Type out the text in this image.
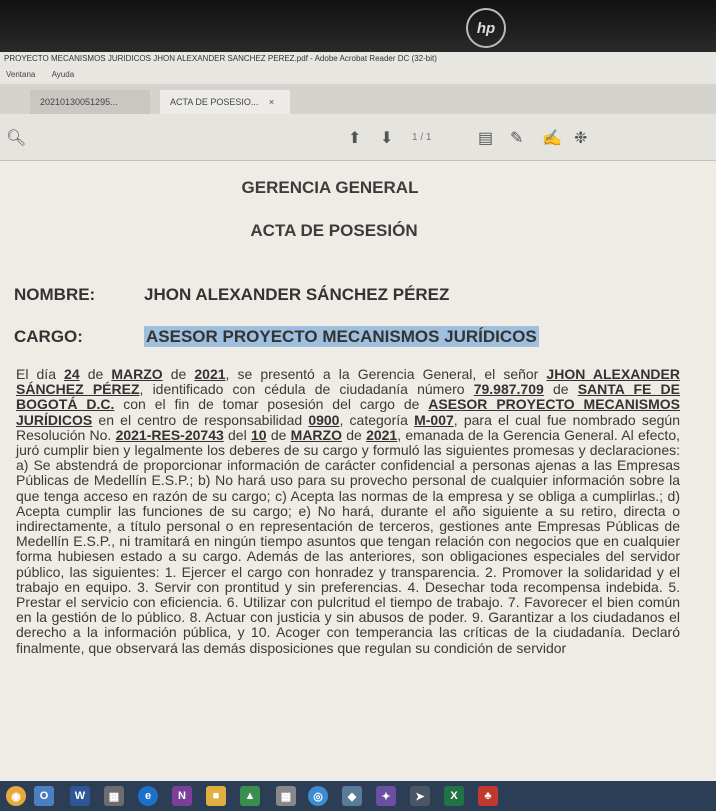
hp
PROYECTO MECANISMOS JURIDICOS JHON ALEXANDER SANCHEZ PEREZ.pdf - Adobe Acrobat Reader DC (32-bit)
Ventana Ayuda
20210130051295...	ACTA DE POSESIO... ×
🔍︎	⬆ ⬇ 1 / 1	▤ ✎ ✍ ❉
GERENCIA GENERAL
ACTA DE POSESIÓN
NOMBRE:	JHON ALEXANDER SÁNCHEZ PÉREZ
CARGO:	ASESOR PROYECTO MECANISMOS JURÍDICOS
El día 24 de MARZO de 2021, se presentó a la Gerencia General, el señor JHON ALEXANDER SÁNCHEZ PÉREZ, identificado con cédula de ciudadanía número 79.987.709 de SANTA FE DE BOGOTÁ D.C. con el fin de tomar posesión del cargo de ASESOR PROYECTO MECANISMOS JURÍDICOS en el centro de responsabilidad 0900, categoría M-007, para el cual fue nombrado según Resolución No. 2021-RES-20743 del 10 de MARZO de 2021, emanada de la Gerencia General. Al efecto, juró cumplir bien y legalmente los deberes de su cargo y formuló las siguientes promesas y declaraciones: a) Se abstendrá de proporcionar información de carácter confidencial a personas ajenas a las Empresas Públicas de Medellín E.S.P.; b) No hará uso para su provecho personal de cualquier información sobre la que tenga acceso en razón de su cargo; c) Acepta las normas de la empresa y se obliga a cumplirlas.; d) Acepta cumplir las funciones de su cargo; e) No hará, durante el año siguiente a su retiro, directa o indirectamente, a título personal o en representación de terceros, gestiones ante Empresas Públicas de Medellín E.S.P., ni tramitará en ningún tiempo asuntos que tengan relación con negocios que en cualquier forma hubiesen estado a su cargo. Además de las anteriores, son obligaciones especiales del servidor público, las siguientes: 1. Ejercer el cargo con honradez y transparencia. 2. Promover la solidaridad y el trabajo en equipo. 3. Servir con prontitud y sin preferencias. 4. Desechar toda recompensa indebida. 5. Prestar el servicio con eficiencia. 6. Utilizar con pulcritud el tiempo de trabajo. 7. Favorecer el bien común en la gestión de lo público. 8. Actuar con justicia y sin abusos de poder. 9. Garantizar a los ciudadanos el derecho a la información pública, y 10. Acoger con temperancia las críticas de la ciudadanía. Declaró finalmente, que observará las demás disposiciones que regulan su condición de servidor
◉	O	W	▦	e	N	■	▲	▦	◎	◆	✦	➤	X	♣
